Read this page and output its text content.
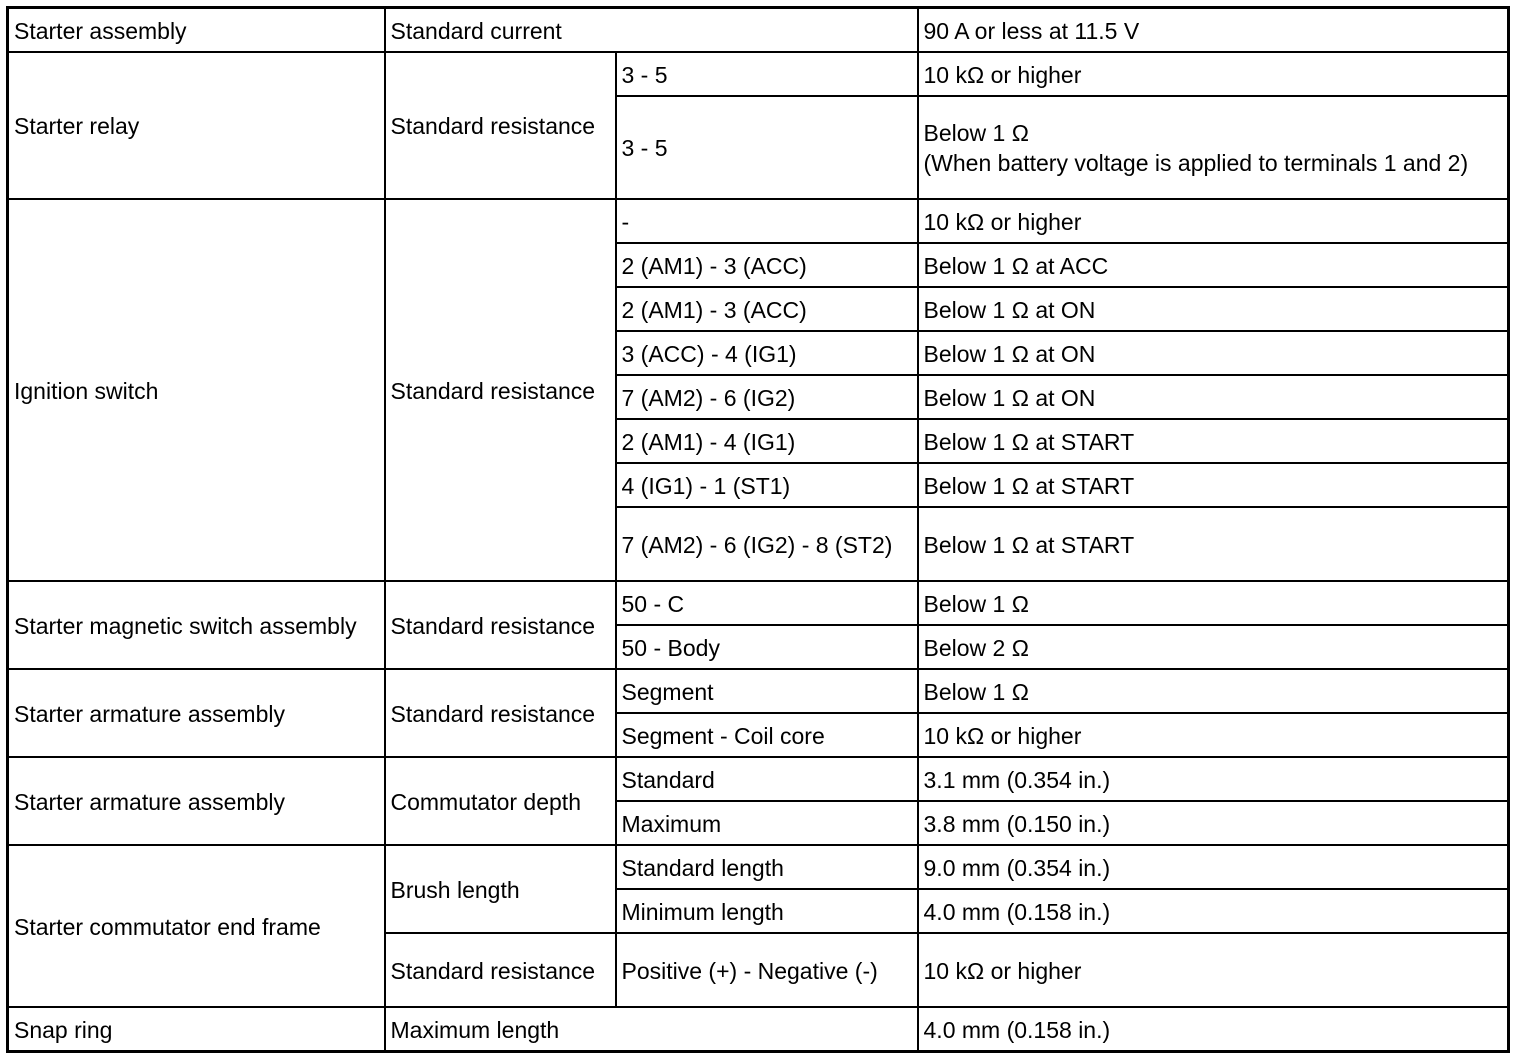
Starter assembly	Standard current		90 A or less at 11.5 V
Starter relay	Standard resistance	3 - 5	10 kΩ or higher
		3 - 5	Below 1 Ω
(When battery voltage is applied to terminals 1 and 2)

Ignition switch	Standard resistance	-	10 kΩ or higher
		2 (AM1) - 3 (ACC)	Below 1 Ω at ACC
		2 (AM1) - 3 (ACC)	Below 1 Ω at ON
		3 (ACC) - 4 (IG1)	Below 1 Ω at ON
		7 (AM2) - 6 (IG2)	Below 1 Ω at ON
		2 (AM1) - 4 (IG1)	Below 1 Ω at START
		4 (IG1) - 1 (ST1)	Below 1 Ω at START
		7 (AM2) - 6 (IG2) - 8 (ST2)	Below 1 Ω at START
Starter magnetic switch assembly	Standard resistance	50 - C	Below 1 Ω
		50 - Body	Below 2 Ω
Starter armature assembly	Standard resistance	Segment	Below 1 Ω
		Segment - Coil core	10 kΩ or higher
Starter armature assembly	Commutator depth	Standard	3.1 mm (0.354 in.)
		Maximum	3.8 mm (0.150 in.)
Starter commutator end frame	Brush length	Standard length	9.0 mm (0.354 in.)
		Minimum length	4.0 mm (0.158 in.)
	Standard resistance	Positive (+) - Negative (-)	10 kΩ or higher
Snap ring	Maximum length		4.0 mm (0.158 in.)
